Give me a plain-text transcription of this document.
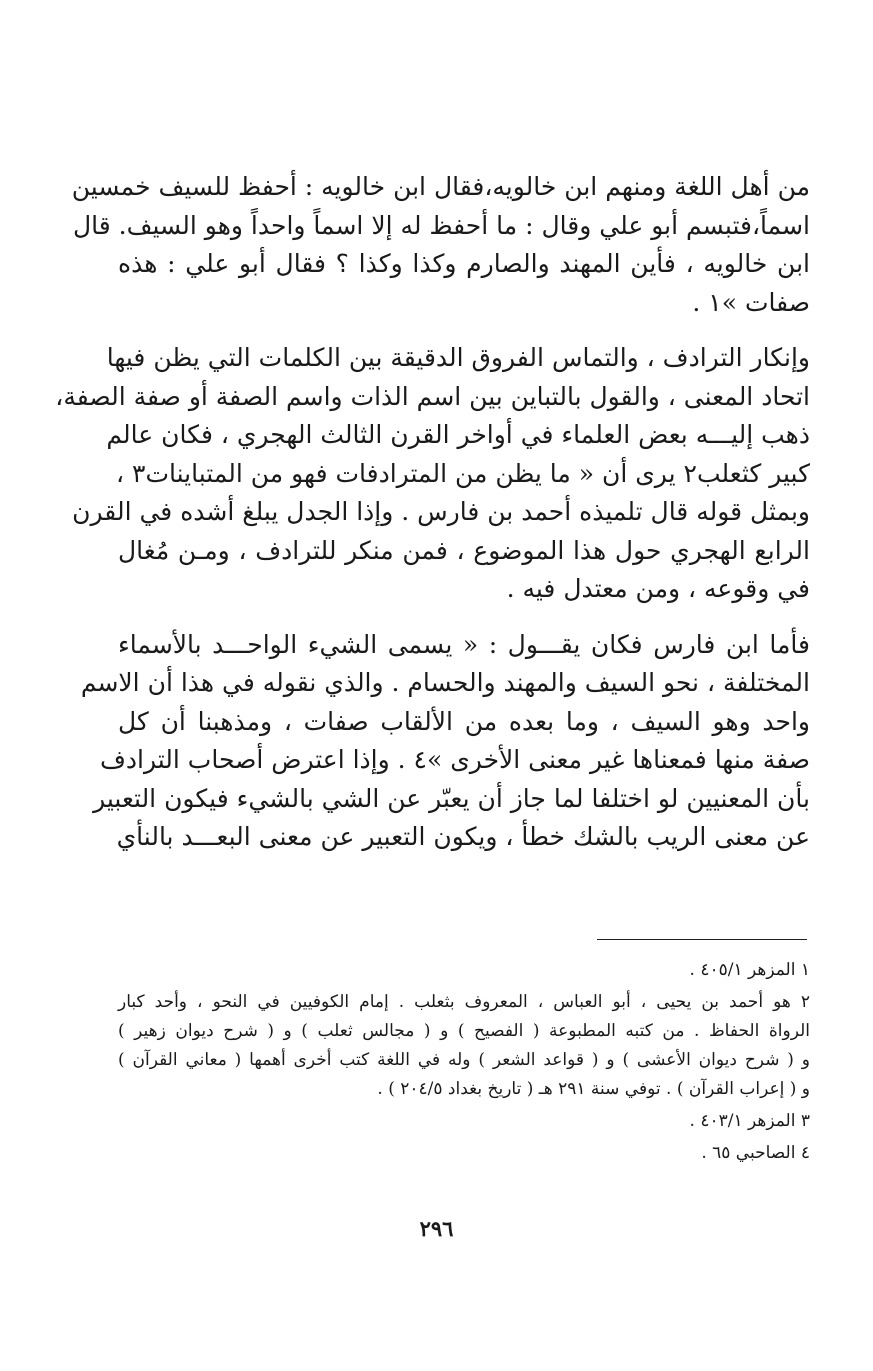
من أهل اللغة ومنهم ابن خالويه،فقال ابن خالويه : أحفظ للسيف خمسين
اسماً،فتبسم أبو علي وقال : ما أحفظ له إلا اسماً واحداً وهو السيف. قال
ابن خالويه ، فأين المهند والصارم وكذا وكذا ؟ فقال أبو علي : هذه
صفات »١ .
وإنكار الترادف ، والتماس الفروق الدقيقة بين الكلمات التي يظن فيها
اتحاد المعنى ، والقول بالتباين بين اسم الذات واسم الصفة أو صفة الصفة،
ذهب إليـــه بعض العلماء في أواخر القرن الثالث الهجري ، فكان عالم
كبير كثعلب٢ يرى أن « ما يظن من المترادفات فهو من المتباينات٣ ،
وبمثل قوله قال تلميذه أحمد بن فارس . وإذا الجدل يبلغ أشده في القرن
الرابع الهجري حول هذا الموضوع ، فمن منكر للترادف ، ومـن مُغال
في وقوعه ، ومن معتدل فيه .
فأما ابن فارس فكان يقـــول : « يسمى الشيء الواحـــد بالأسماء
المختلفة ، نحو السيف والمهند والحسام . والذي نقوله في هذا أن الاسم
واحد وهو السيف ، وما بعده من الألقاب صفات ، ومذهبنا أن كل
صفة منها فمعناها غير معنى الأخرى »٤ . وإذا اعترض أصحاب الترادف
بأن المعنيين لو اختلفا لما جاز أن يعبّر عن الشي بالشيء فيكون التعبير
عن معنى الريب بالشك خطأ ، ويكون التعبير عن معنى البعـــد بالنأي
١ المزهر ٤٠٥/١ .
٢ هو أحمد بن يحيى ، أبو العباس ، المعروف بثعلب . إمام الكوفيين في النحو ، وأحد كبار
الرواة الحفاظ . من كتبه المطبوعة ( الفصيح ) و ( مجالس ثعلب ) و ( شرح ديوان زهير )
و ( شرح ديوان الأعشى ) و ( قواعد الشعر ) وله في اللغة كتب أخرى أهمها ( معاني القرآن )
و ( إعراب القرآن ) . توفي سنة ٢٩١ هـ ( تاريخ بغداد ٢٠٤/٥ ) .
٣ المزهر ٤٠٣/١ .
٤ الصاحبي ٦٥ .
٢٩٦
